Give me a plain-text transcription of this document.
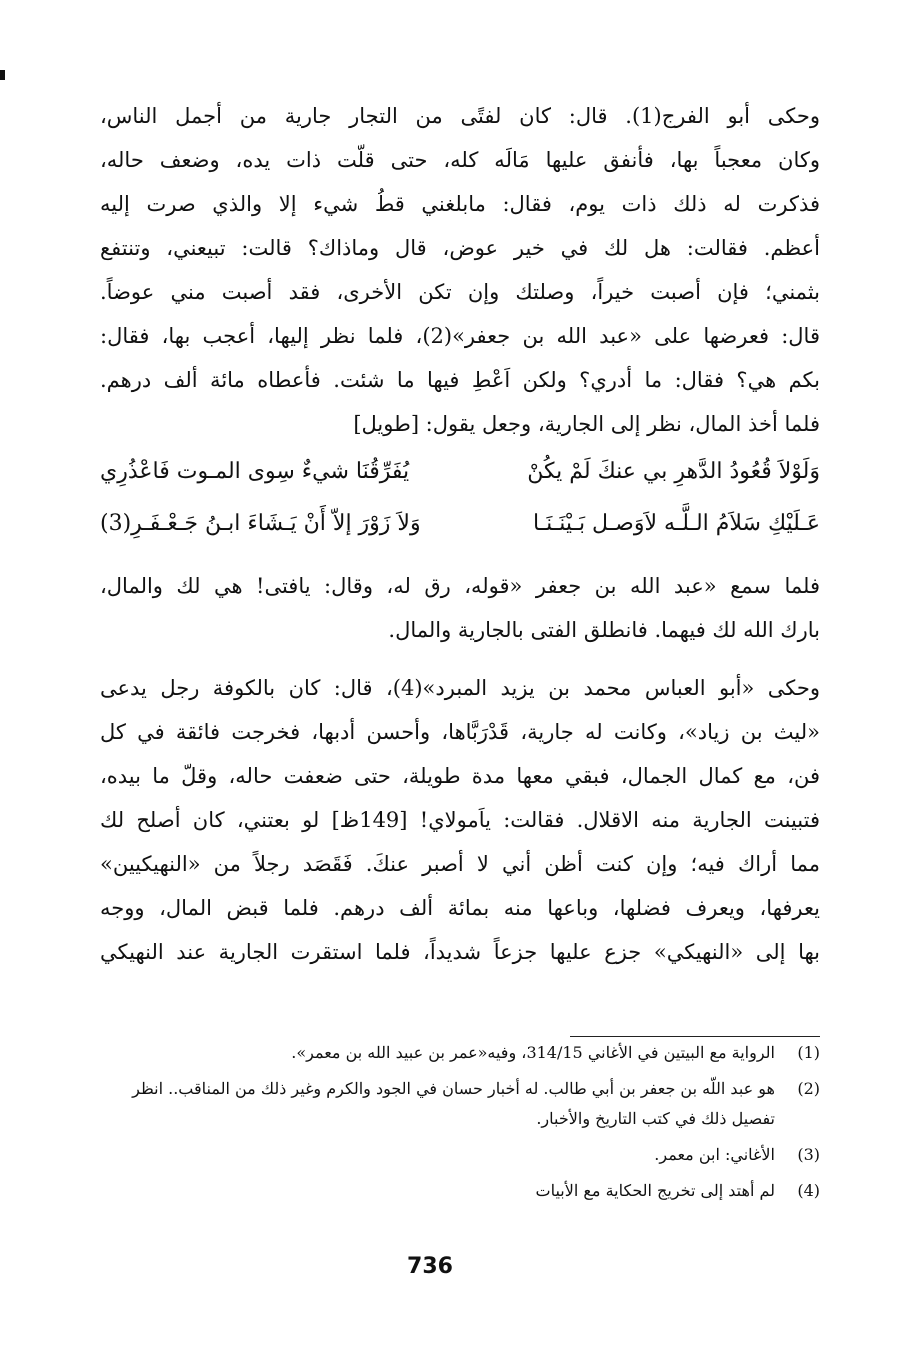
وحكى أبو الفرج(1). قال: كان لفتًى من التجار جارية من أجمل الناس،
وكان معجباً بها، فأنفق عليها مَالَه كله، حتى قلّت ذات يده، وضعف حاله،
فذكرت له ذلك ذات يوم، فقال: مابلغني قطُ شيء إلا والذي صرت إليه
أعظم. فقالت: هل لك في خير عوض، قال وماذاك؟ قالت: تبيعني، وتنتفع
بثمني؛ فإن أصبت خيراً، وصلتك وإن تكن الأخرى، فقد أصبت مني عوضاً.
قال: فعرضها على «عبد الله بن جعفر»(2)، فلما نظر إليها، أعجب بها، فقال:
بكم هي؟ فقال: ما أدري؟ ولكن اَعْطِ فيها ما شئت. فأعطاه مائة ألف درهم.
فلما أخذ المال، نظر إلى الجارية، وجعل يقول: [طويل]
وَلَوْلاَ قُعُودُ الدَّهرِ بي عنكَ لَمْ يكُنْ
يُفَرِّقُنَا شيءٌ سِوى المـوت فَاعْذُرِي
عَـلَيْكِ سَلاَمُ الـلَّـه لاَوَصـل بَـيْنَـنَـا
وَلاَ زَوْرَ إلاّ أَنْ يَـشَاءَ ابـنُ جَـعْـفَـرِ(3)
فلما سمع «عبد الله بن جعفر «قوله، رق له، وقال: يافتى! هي لك والمال،
بارك الله لك فيهما. فانطلق الفتى بالجارية والمال.
وحكى «أبو العباس محمد بن يزيد المبرد»(4)، قال: كان بالكوفة رجل يدعى
«ليث بن زياد»، وكانت له جارية، قَدْرَبَّاها، وأحسن أدبها، فخرجت فائقة في كل
فن، مع كمال الجمال، فبقي معها مدة طويلة، حتى ضعفت حاله، وقلّ ما بيده،
فتبينت الجارية منه الاقلال. فقالت: ياَمولاي! [149ظ] لو بعتني، كان أصلح لك
مما أراك فيه؛ وإن كنت أظن أني لا أصبر عنكَ. فَقَصَد رجلاً من «النهيكيين»
يعرفها، ويعرف فضلها، وباعها منه بمائة ألف درهم. فلما قبض المال، ووجه
بها إلى «النهيكي» جزع عليها جزعاً شديداً، فلما استقرت الجارية عند النهيكي
(1)
الرواية مع البيتين في الأغاني 314/15، وفيه«عمر بن عبيد الله بن معمر».
(2)
هو عبد اللّه بن جعفر بن أبي طالب. له أخبار حسان في الجود والكرم وغير ذلك من المناقب.. انظر تفصيل ذلك في كتب التاريخ والأخبار.
(3)
الأغاني: ابن معمر.
(4)
لم أهتد إلى تخريج الحكاية مع الأبيات
736
